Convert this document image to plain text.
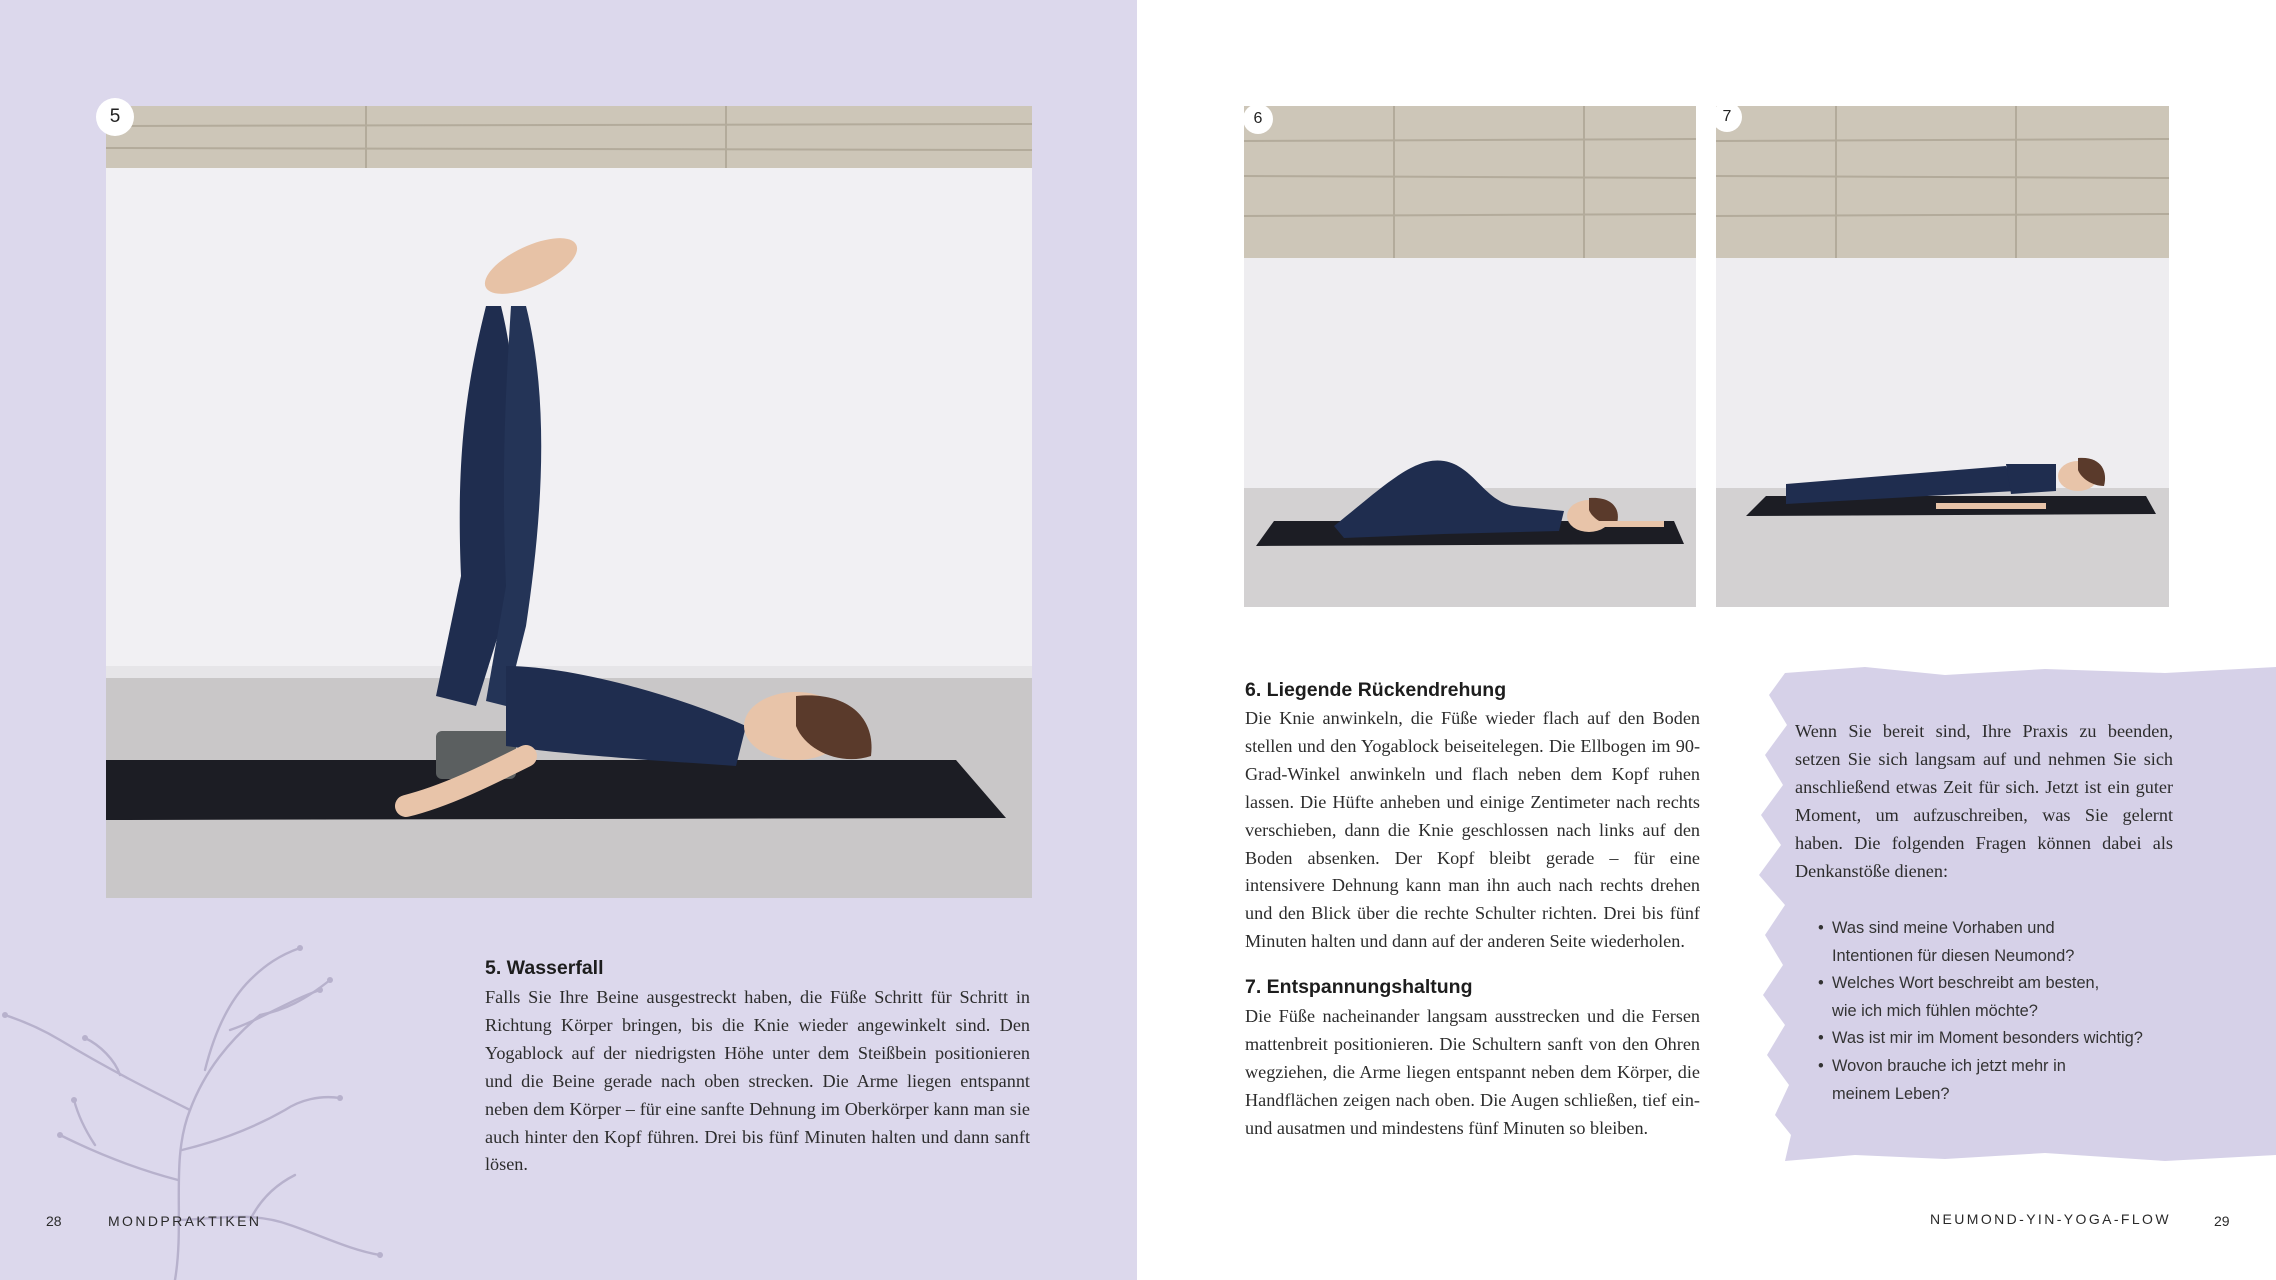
5
5. Wasserfall

Falls Sie Ihre Beine ausgestreckt haben, die Füße Schritt für Schritt in Richtung Körper bringen, bis die Knie wieder angewinkelt sind. Den Yogablock auf der niedrigsten Höhe unter dem Steißbein positionieren und die Beine gerade nach oben strecken. Die Arme liegen entspannt neben dem Körper – für eine sanfte Dehnung im Oberkörper kann man sie auch hinter den Kopf führen. Drei bis fünf Minuten halten und dann sanft lösen.

28	MONDPRAKTIKEN
6	7
6. Liegende Rückendrehung

Die Knie anwinkeln, die Füße wieder flach auf den Boden stellen und den Yogablock beiseitelegen. Die Ellbogen im 90-Grad-Winkel anwinkeln und flach neben dem Kopf ruhen lassen. Die Hüfte anheben und einige Zentimeter nach rechts verschieben, dann die Knie geschlossen nach links auf den Boden absenken. Der Kopf bleibt gerade – für eine intensivere Dehnung kann man ihn auch nach rechts drehen und den Blick über die rechte Schulter richten. Drei bis fünf Minuten halten und dann auf der anderen Seite wiederholen.

7. Entspannungshaltung

Die Füße nacheinander langsam ausstrecken und die Fersen mattenbreit positionieren. Die Schultern sanft von den Ohren wegziehen, die Arme liegen entspannt neben dem Körper, die Handflächen zeigen nach oben. Die Augen schließen, tief ein- und ausatmen und mindestens fünf Minuten so bleiben.

Wenn Sie bereit sind, Ihre Praxis zu beenden, setzen Sie sich langsam auf und nehmen Sie sich anschließend etwas Zeit für sich. Jetzt ist ein guter Moment, um aufzuschreiben, was Sie gelernt haben. Die folgenden Fragen können dabei als Denkanstöße dienen:

• Was sind meine Vorhaben und
Intentionen für diesen Neumond?
• Welches Wort beschreibt am besten,
wie ich mich fühlen möchte?
• Was ist mir im Moment besonders wichtig?
• Wovon brauche ich jetzt mehr in
meinem Leben?
NEUMOND-YIN-YOGA-FLOW	29
